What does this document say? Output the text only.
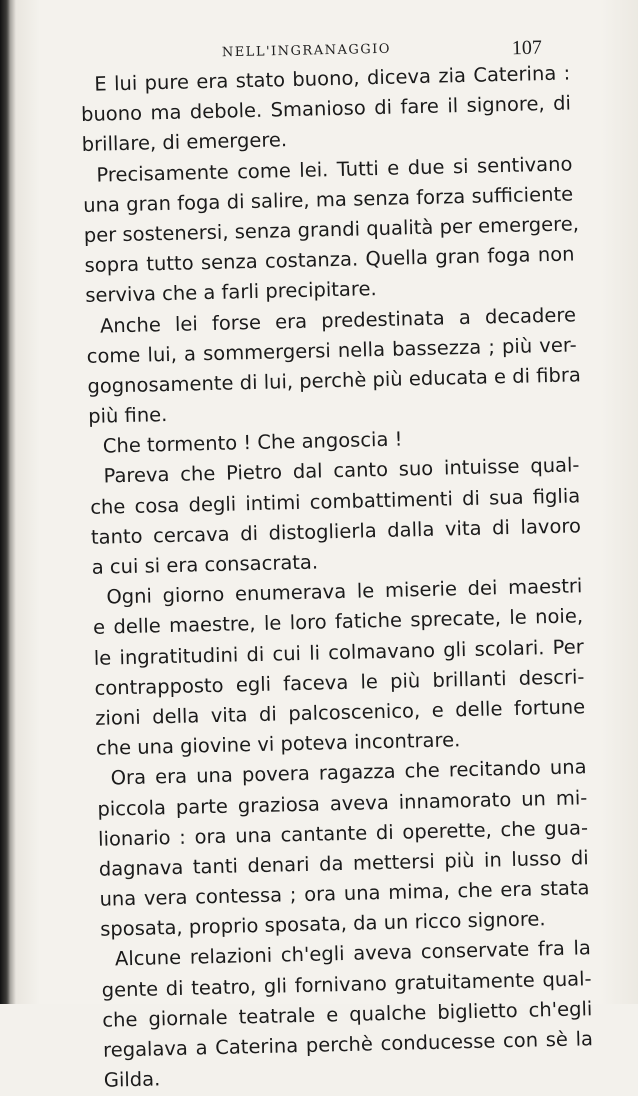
NELL'INGRANAGGIO	107
E lui pure era stato buono, diceva zia Caterina :
buono ma debole. Smanioso di fare il signore, di
brillare, di emergere.
Precisamente come lei. Tutti e due si sentivano
una gran foga di salire, ma senza forza sufficiente
per sostenersi, senza grandi qualità per emergere,
sopra tutto senza costanza. Quella gran foga non
serviva che a farli precipitare.
Anche lei forse era predestinata a decadere
come lui, a sommergersi nella bassezza ; più ver-
gognosamente di lui, perchè più educata e di fibra
più fine.
Che tormento ! Che angoscia !
Pareva che Pietro dal canto suo intuisse qual-
che cosa degli intimi combattimenti di sua figlia
tanto cercava di distoglierla dalla vita di lavoro
a cui si era consacrata.
Ogni giorno enumerava le miserie dei maestri
e delle maestre, le loro fatiche sprecate, le noie,
le ingratitudini di cui li colmavano gli scolari. Per
contrapposto egli faceva le più brillanti descri-
zioni della vita di palcoscenico, e delle fortune
che una giovine vi poteva incontrare.
Ora era una povera ragazza che recitando una
piccola parte graziosa aveva innamorato un mi-
lionario : ora una cantante di operette, che gua-
dagnava tanti denari da mettersi più in lusso di
una vera contessa ; ora una mima, che era stata
sposata, proprio sposata, da un ricco signore.
Alcune relazioni ch'egli aveva conservate fra la
gente di teatro, gli fornivano gratuitamente qual-
che giornale teatrale e qualche biglietto ch'egli
regalava a Caterina perchè conducesse con sè la
Gilda.
